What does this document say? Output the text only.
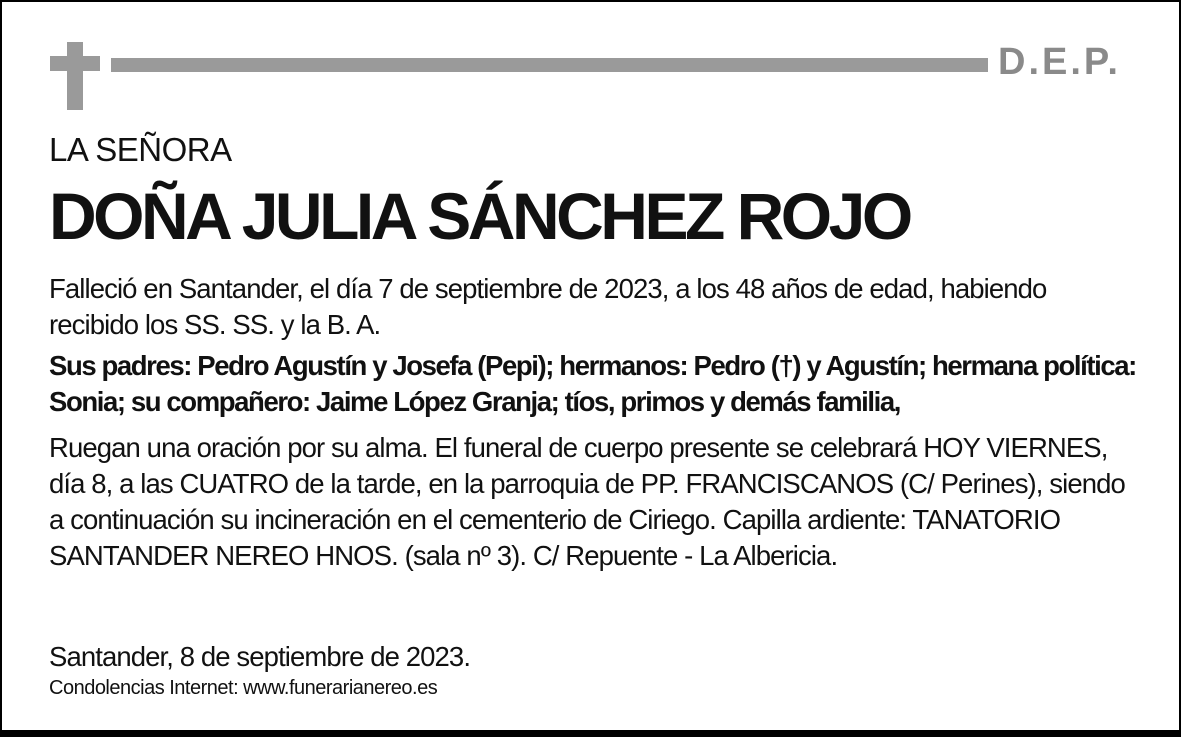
D.E.P.
LA SEÑORA
DOÑA JULIA SÁNCHEZ ROJO

Falleció en Santander, el día 7 de septiembre de 2023, a los 48 años de edad, habiendo recibido los SS. SS. y la B. A.

Sus padres: Pedro Agustín y Josefa (Pepi); hermanos: Pedro (†) y Agustín; hermana política: Sonia; su compañero: Jaime López Granja; tíos, primos y demás familia,

Ruegan una oración por su alma. El funeral de cuerpo presente se celebrará HOY VIERNES, día 8, a las CUATRO de la tarde, en la parroquia de PP. FRANCISCANOS (C/ Perines), siendo a continuación su incineración en el cementerio de Ciriego. Capilla ardiente: TANATORIO SANTANDER NEREO HNOS. (sala nº 3). C/ Repuente - La Albericia.

Santander, 8 de septiembre de 2023.
Condolencias Internet: www.funerarianereo.es
